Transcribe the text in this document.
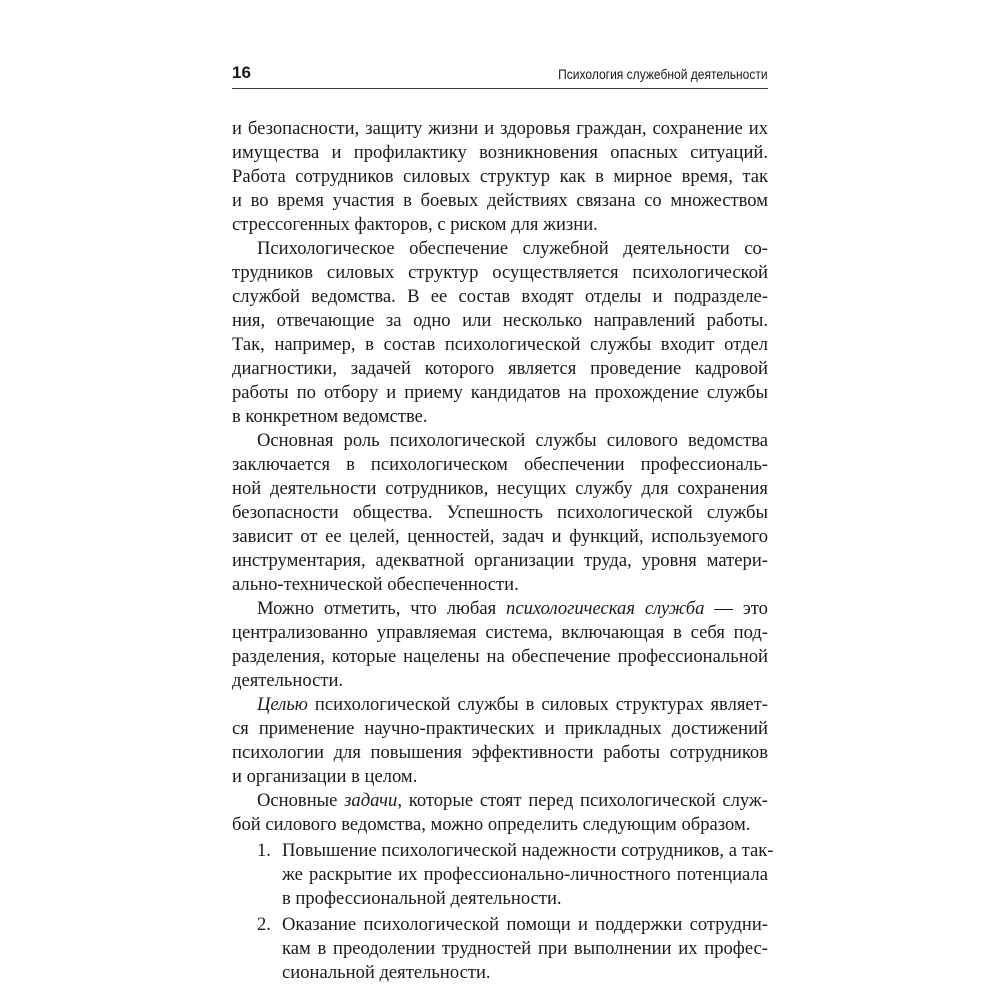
16	Психология служебной деятельности
и безопасности, защиту жизни и здоровья граждан, сохранение их
имущества и профилактику возникновения опасных ситуаций.
Работа сотрудников силовых структур как в мирное время, так
и во время участия в боевых действиях связана со множеством
стрессогенных факторов, с риском для жизни.
Психологическое обеспечение служебной деятельности со-
трудников силовых структур осуществляется психологической
службой ведомства. В ее состав входят отделы и подразделе-
ния, отвечающие за одно или несколько направлений работы.
Так, например, в состав психологической службы входит отдел
диагностики, задачей которого является проведение кадровой
работы по отбору и приему кандидатов на прохождение службы
в конкретном ведомстве.
Основная роль психологической службы силового ведомства
заключается в психологическом обеспечении профессиональ-
ной деятельности сотрудников, несущих службу для сохранения
безопасности общества. Успешность психологической службы
зависит от ее целей, ценностей, задач и функций, используемого
инструментария, адекватной организации труда, уровня матери-
ально-технической обеспеченности.
Можно отметить, что любая психологическая служба — это
централизованно управляемая система, включающая в себя под-
разделения, которые нацелены на обеспечение профессиональной
деятельности.
Целью психологической службы в силовых структурах являет-
ся применение научно-практических и прикладных достижений
психологии для повышения эффективности работы сотрудников
и организации в целом.
Основные задачи, которые стоят перед психологической служ-
бой силового ведомства, можно определить следующим образом.
1. Повышение психологической надежности сотрудников, а так-
же раскрытие их профессионально-личностного потенциала
в профессиональной деятельности.
2. Оказание психологической помощи и поддержки сотрудни-
кам в преодолении трудностей при выполнении их профес-
сиональной деятельности.
